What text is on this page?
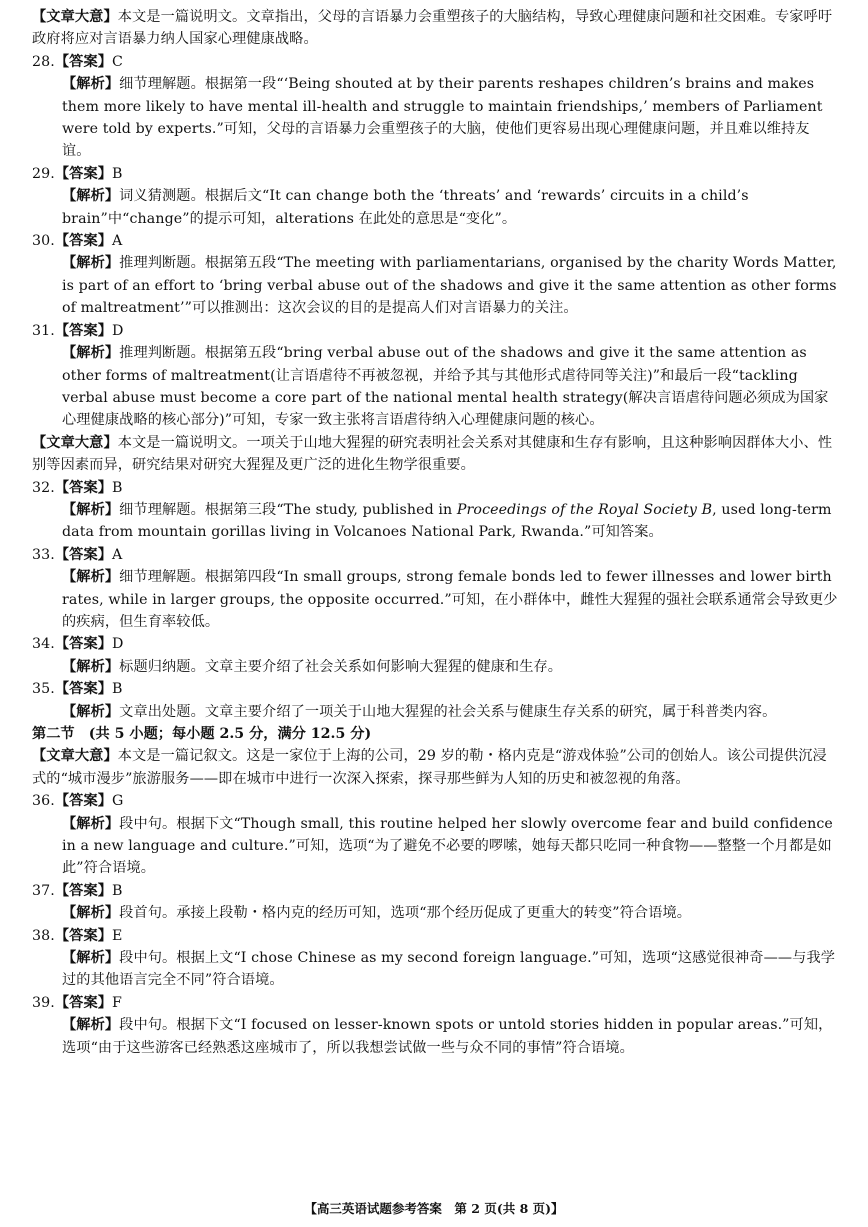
【文章大意】本文是一篇说明文。文章指出，父母的言语暴力会重塑孩子的大脑结构，导致心理健康问题和社交困难。专家呼吁政府将应对言语暴力纳人国家心理健康战略。

28.【答案】C

【解析】细节理解题。根据第一段“‘Being shouted at by their parents reshapes children’s brains and makes them more likely to have mental ill-health and struggle to maintain friendships,’ members of Parliament were told by experts.”可知，父母的言语暴力会重塑孩子的大脑，使他们更容易出现心理健康问题，并且难以维持友谊。

29.【答案】B

【解析】词义猜测题。根据后文“It can change both the ‘threats’ and ‘rewards’ circuits in a child’s brain”中“change”的提示可知，alterations 在此处的意思是“变化”。

30.【答案】A

【解析】推理判断题。根据第五段“The meeting with parliamentarians, organised by the charity Words Matter, is part of an effort to ‘bring verbal abuse out of the shadows and give it the same attention as other forms of maltreatment’”可以推测出：这次会议的目的是提高人们对言语暴力的关注。

31.【答案】D

【解析】推理判断题。根据第五段“bring verbal abuse out of the shadows and give it the same attention as other forms of maltreatment(让言语虐待不再被忽视，并给予其与其他形式虐待同等关注)”和最后一段“tackling verbal abuse must become a core part of the national mental health strategy(解决言语虐待问题必须成为国家心理健康战略的核心部分)”可知，专家一致主张将言语虐待纳入心理健康问题的核心。

【文章大意】本文是一篇说明文。一项关于山地大猩猩的研究表明社会关系对其健康和生存有影响，且这种影响因群体大小、性别等因素而异，研究结果对研究大猩猩及更广泛的进化生物学很重要。

32.【答案】B

【解析】细节理解题。根据第三段“The study, published in Proceedings of the Royal Society B, used long-term data from mountain gorillas living in Volcanoes National Park, Rwanda.”可知答案。

33.【答案】A

【解析】细节理解题。根据第四段“In small groups, strong female bonds led to fewer illnesses and lower birth rates, while in larger groups, the opposite occurred.”可知，在小群体中，雌性大猩猩的强社会联系通常会导致更少的疾病，但生育率较低。

34.【答案】D

【解析】标题归纳题。文章主要介绍了社会关系如何影响大猩猩的健康和生存。

35.【答案】B

【解析】文章出处题。文章主要介绍了一项关于山地大猩猩的社会关系与健康生存关系的研究，属于科普类内容。

第二节　(共 5 小题；每小题 2.5 分，满分 12.5 分)

【文章大意】本文是一篇记叙文。这是一家位于上海的公司，29 岁的勒・格内克是“游戏体验”公司的创始人。该公司提供沉浸式的“城市漫步”旅游服务——即在城市中进行一次深入探索，探寻那些鲜为人知的历史和被忽视的角落。

36.【答案】G

【解析】段中句。根据下文“Though small, this routine helped her slowly overcome fear and build confidence in a new language and culture.”可知，选项“为了避免不必要的啰嗦，她每天都只吃同一种食物——整整一个月都是如此”符合语境。

37.【答案】B

【解析】段首句。承接上段勒・格内克的经历可知，选项“那个经历促成了更重大的转变”符合语境。

38.【答案】E

【解析】段中句。根据上文“I chose Chinese as my second foreign language.”可知，选项“这感觉很神奇——与我学过的其他语言完全不同”符合语境。

39.【答案】F

【解析】段中句。根据下文“I focused on lesser-known spots or untold stories hidden in popular areas.”可知，选项“由于这些游客已经熟悉这座城市了，所以我想尝试做一些与众不同的事情”符合语境。

【高三英语试题参考答案　第 2 页(共 8 页)】
